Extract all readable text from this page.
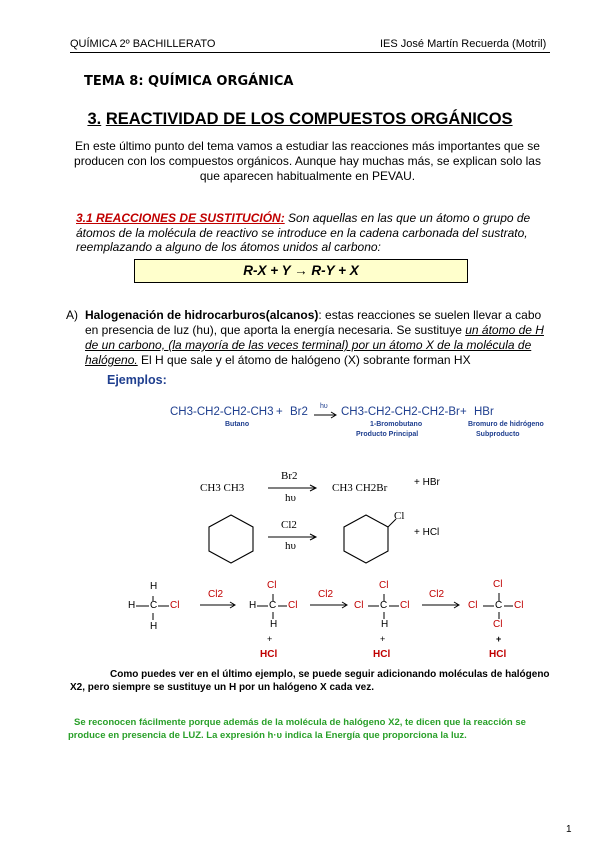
QUÍMICA 2º BACHILLERATO	IES José Martín Recuerda (Motril)
TEMA 8: QUÍMICA ORGÁNICA
3. REACTIVIDAD DE LOS COMPUESTOS ORGÁNICOS
En este último punto del tema vamos a estudiar las reacciones más importantes que se producen con los compuestos orgánicos. Aunque hay muchas más, se explican solo las que aparecen habitualmente en PEVAU.
3.1 REACCIONES DE SUSTITUCIÓN: Son aquellas en las que un átomo o grupo de átomos de la molécula de reactivo se introduce en la cadena carbonada del sustrato, reemplazando a alguno de los átomos unidos al carbono:
R-X + Y → R-Y + X
A) Halogenación de hidrocarburos(alcanos): estas reacciones se suelen llevar a cabo en presencia de luz (hu), que aporta la energía necesaria. Se sustituye un átomo de H de un carbono, (la mayoría de las veces terminal) por un átomo X de la molécula de halógeno. El H que sale y el átomo de halógeno (X) sobrante forman HX
Ejemplos:
CH3-CH2-CH2-CH3 + Br2 hυ CH3-CH2-CH2-CH2-Br + HBr
Butano	1-Bromobutano
Producto Principal
Bromuro de hidrógeno
Subproducto
CH3 CH3
Br2
hυ
CH3 CH2Br	+ HBr
Cl2
hυ
Cl
+ HCl
H
H C Cl
H
Cl2
Cl
H C Cl
H
+
HCl
Cl2
Cl
Cl C Cl
H
+
HCl
Cl2
Cl
Cl C Cl
Cl
+
HCl
Como puedes ver en el último ejemplo, se puede seguir adicionando moléculas de halógeno X2, pero siempre se sustituye un H por un halógeno X cada vez.
Se reconocen fácilmente porque además de la molécula de halógeno X2, te dicen que la reacción se produce en presencia de LUZ. La expresión h·υ indica la Energía que proporciona la luz.
1
